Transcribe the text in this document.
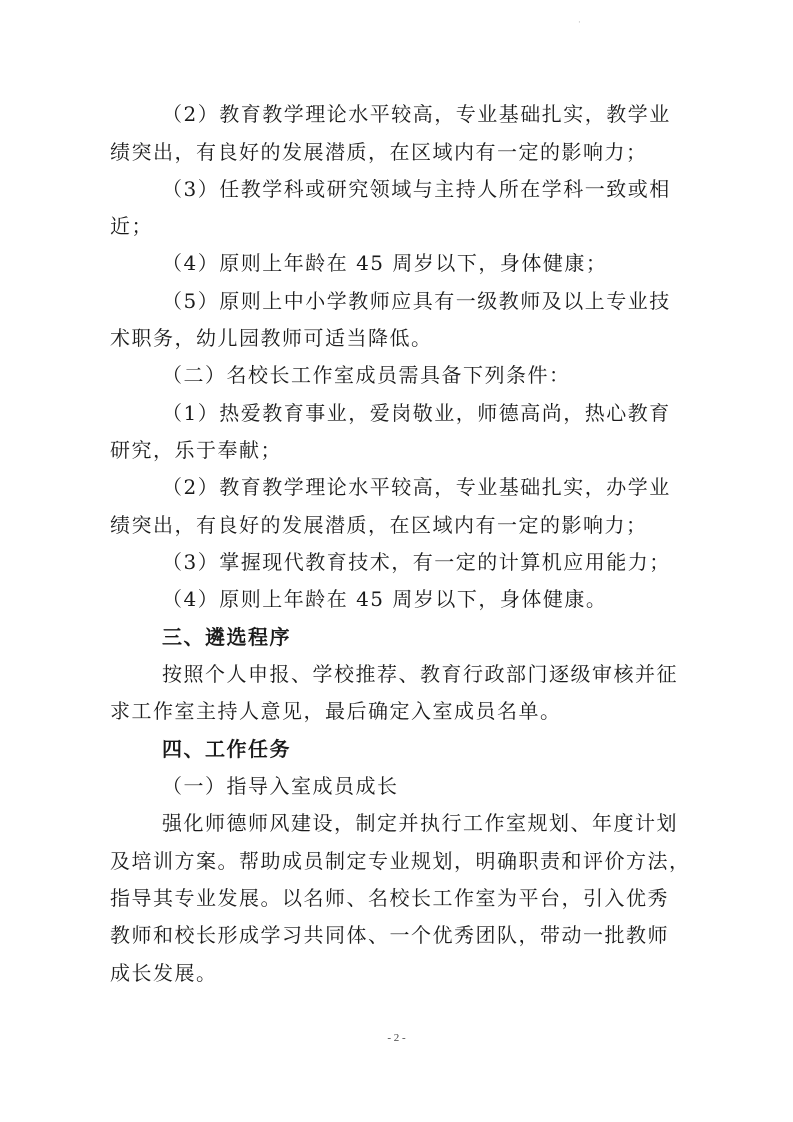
·

（2）教育教学理论水平较高，专业基础扎实，教学业

绩突出，有良好的发展潜质，在区域内有一定的影响力；

（3）任教学科或研究领域与主持人所在学科一致或相

近；

（4）原则上年龄在 45 周岁以下，身体健康；

（5）原则上中小学教师应具有一级教师及以上专业技

术职务，幼儿园教师可适当降低。

（二）名校长工作室成员需具备下列条件：

（1）热爱教育事业，爱岗敬业，师德高尚，热心教育

研究，乐于奉献；

（2）教育教学理论水平较高，专业基础扎实，办学业

绩突出，有良好的发展潜质，在区域内有一定的影响力；

（3）掌握现代教育技术，有一定的计算机应用能力；

（4）原则上年龄在 45 周岁以下，身体健康。

三、遴选程序

按照个人申报、学校推荐、教育行政部门逐级审核并征

求工作室主持人意见，最后确定入室成员名单。

四、工作任务

（一）指导入室成员成长

强化师德师风建设，制定并执行工作室规划、年度计划

及培训方案。帮助成员制定专业规划，明确职责和评价方法，

指导其专业发展。以名师、名校长工作室为平台，引入优秀

教师和校长形成学习共同体、一个优秀团队，带动一批教师

成长发展。

- 2 -
